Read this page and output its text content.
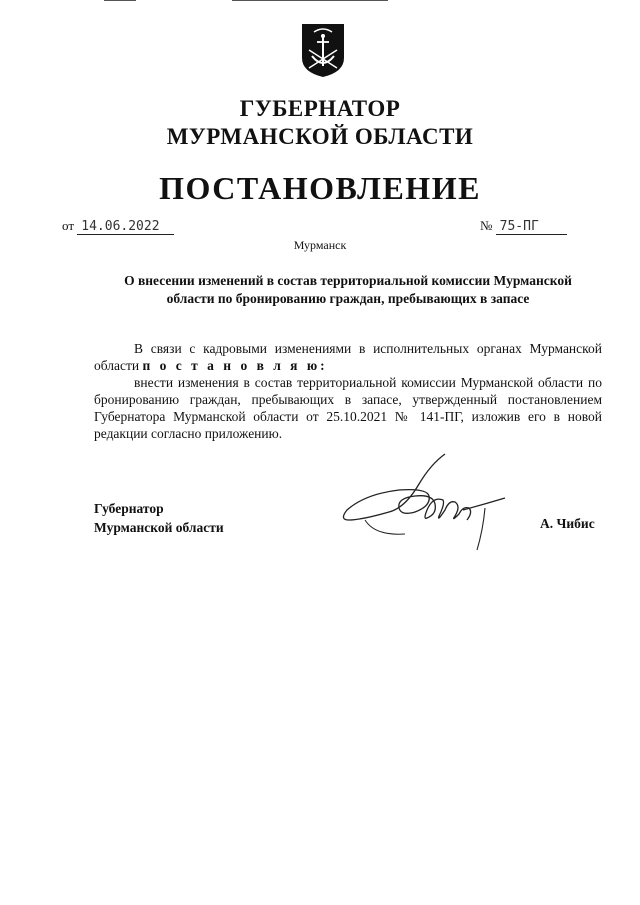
ГУБЕРНАТОР
МУРМАНСКОЙ ОБЛАСТИ
ПОСТАНОВЛЕНИЕ
от 14.06.2022	№ 75-ПГ
Мурманск
О внесении изменений в состав территориальной комиссии Мурманской
области по бронированию граждан, пребывающих в запасе

В связи с кадровыми изменениями в исполнительных органах Мурманской области п о с т а н о в л я ю:

внести изменения в состав территориальной комиссии Мурманской области по бронированию граждан, пребывающих в запасе, утвержденный постановлением Губернатора Мурманской области от 25.10.2021 № 141-ПГ, изложив его в новой редакции согласно приложению.

Губернатор
Мурманской области	А. Чибис
